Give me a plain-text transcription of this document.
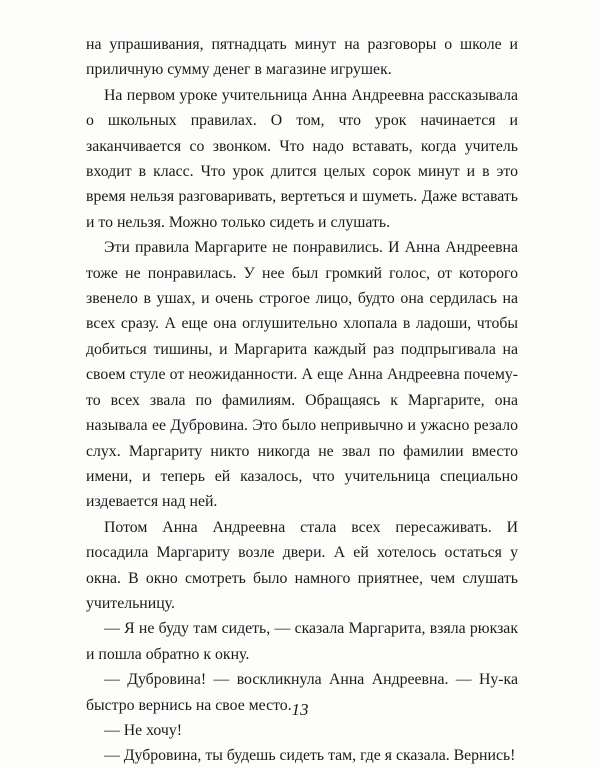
на упрашивания, пятнадцать минут на разговоры о школе и приличную сумму денег в магазине игрушек.

На первом уроке учительница Анна Андреевна рассказывала о школьных правилах. О том, что урок начинается и заканчивается со звонком. Что надо вставать, когда учитель входит в класс. Что урок длится целых сорок минут и в это время нельзя разговаривать, вертеться и шуметь. Даже вставать и то нельзя. Можно только сидеть и слушать.

Эти правила Маргарите не понравились. И Анна Андреевна тоже не понравилась. У нее был громкий голос, от которого звенело в ушах, и очень строгое лицо, будто она сердилась на всех сразу. А еще она оглушительно хлопала в ладоши, чтобы добиться тишины, и Маргарита каждый раз подпрыгивала на своем стуле от неожиданности. А еще Анна Андреевна почему-то всех звала по фамилиям. Обращаясь к Маргарите, она называла ее Дубровина. Это было непривычно и ужасно резало слух. Маргариту никто никогда не звал по фамилии вместо имени, и теперь ей казалось, что учительница специально издевается над ней.

Потом Анна Андреевна стала всех пересаживать. И посадила Маргариту возле двери. А ей хотелось остаться у окна. В окно смотреть было намного приятнее, чем слушать учительницу.

— Я не буду там сидеть, — сказала Маргарита, взяла рюкзак и пошла обратно к окну.

— Дубровина! — воскликнула Анна Андреевна. — Ну-ка быстро вернись на свое место.

— Не хочу!

— Дубровина, ты будешь сидеть там, где я сказала. Вернись!

13
